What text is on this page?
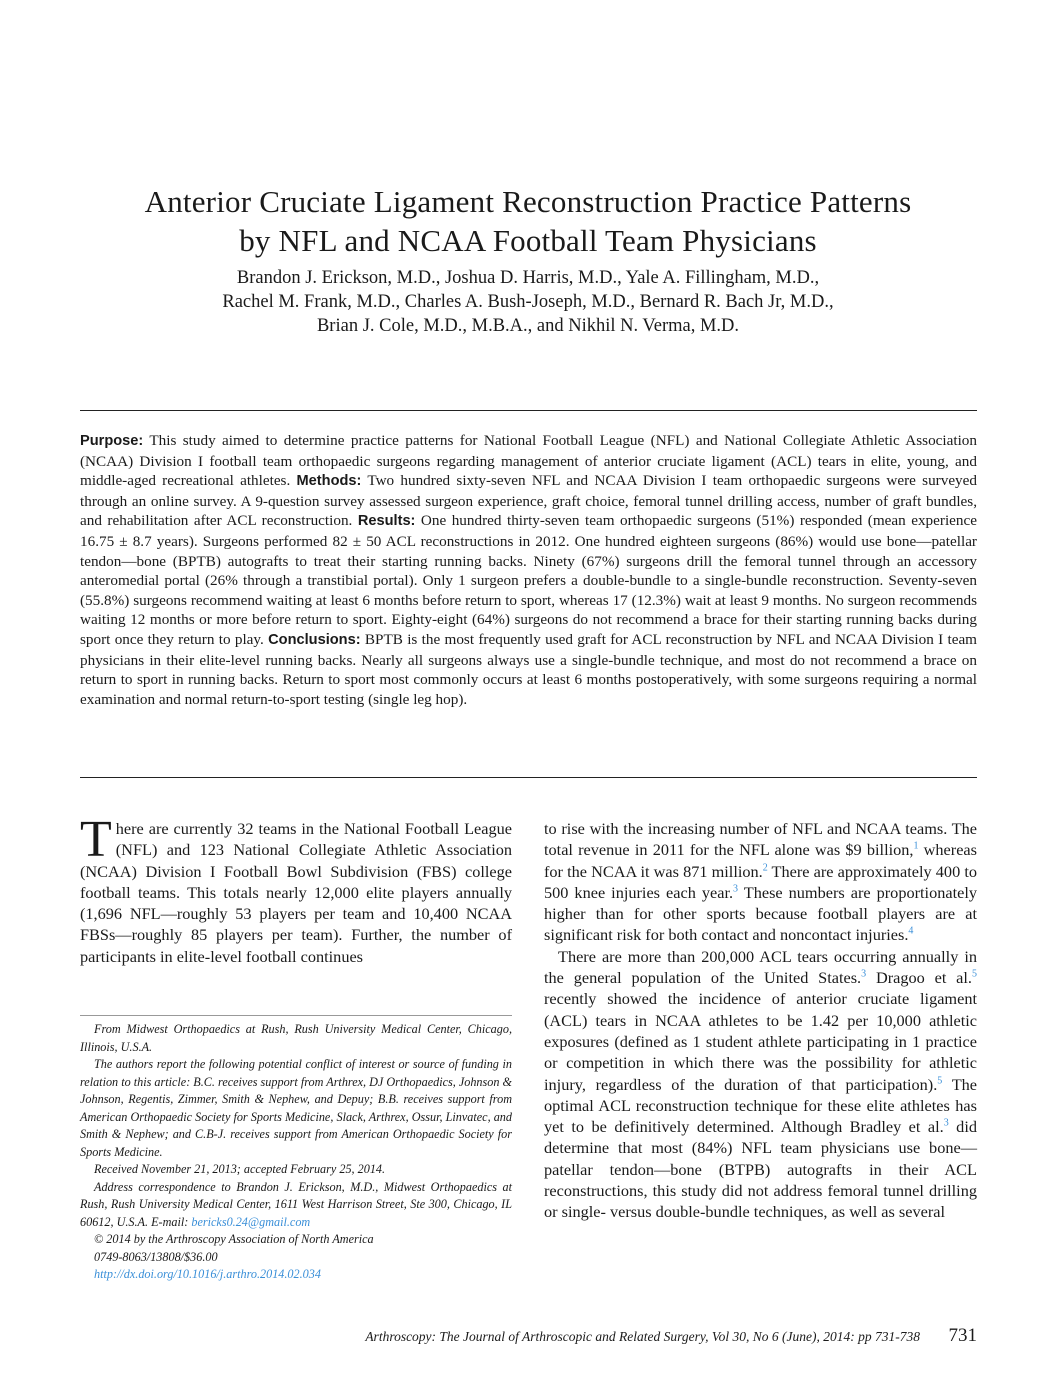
Anterior Cruciate Ligament Reconstruction Practice Patterns
by NFL and NCAA Football Team Physicians
Brandon J. Erickson, M.D., Joshua D. Harris, M.D., Yale A. Fillingham, M.D.,
Rachel M. Frank, M.D., Charles A. Bush-Joseph, M.D., Bernard R. Bach Jr, M.D.,
Brian J. Cole, M.D., M.B.A., and Nikhil N. Verma, M.D.

Purpose: This study aimed to determine practice patterns for National Football League (NFL) and National Collegiate Athletic Association (NCAA) Division I football team orthopaedic surgeons regarding management of anterior cruciate ligament (ACL) tears in elite, young, and middle-aged recreational athletes. Methods: Two hundred sixty-seven NFL and NCAA Division I team orthopaedic surgeons were surveyed through an online survey. A 9-question survey assessed surgeon experience, graft choice, femoral tunnel drilling access, number of graft bundles, and rehabilitation after ACL reconstruction. Results: One hundred thirty-seven team orthopaedic surgeons (51%) responded (mean experience 16.75 ± 8.7 years). Surgeons performed 82 ± 50 ACL reconstructions in 2012. One hundred eighteen surgeons (86%) would use bone—patellar tendon—bone (BPTB) autografts to treat their starting running backs. Ninety (67%) surgeons drill the femoral tunnel through an accessory anteromedial portal (26% through a transtibial portal). Only 1 surgeon prefers a double-bundle to a single-bundle reconstruction. Seventy-seven (55.8%) surgeons recommend waiting at least 6 months before return to sport, whereas 17 (12.3%) wait at least 9 months. No surgeon recommends waiting 12 months or more before return to sport. Eighty-eight (64%) surgeons do not recommend a brace for their starting running backs during sport once they return to play. Conclusions: BPTB is the most frequently used graft for ACL reconstruction by NFL and NCAA Division I team physicians in their elite-level running backs. Nearly all surgeons always use a single-bundle technique, and most do not recommend a brace on return to sport in running backs. Return to sport most commonly occurs at least 6 months postoperatively, with some surgeons requiring a normal examination and normal return-to-sport testing (single leg hop).

There are currently 32 teams in the National Football League (NFL) and 123 National Collegiate Athletic Association (NCAA) Division I Football Bowl Subdivision (FBS) college football teams. This totals nearly 12,000 elite players annually (1,696 NFL—roughly 53 players per team and 10,400 NCAA FBSs—roughly 85 players per team). Further, the number of participants in elite-level football continues

From Midwest Orthopaedics at Rush, Rush University Medical Center, Chicago, Illinois, U.S.A.

The authors report the following potential conflict of interest or source of funding in relation to this article: B.C. receives support from Arthrex, DJ Orthopaedics, Johnson & Johnson, Regentis, Zimmer, Smith & Nephew, and Depuy; B.B. receives support from American Orthopaedic Society for Sports Medicine, Slack, Arthrex, Ossur, Linvatec, and Smith & Nephew; and C.B-J. receives support from American Orthopaedic Society for Sports Medicine.

Received November 21, 2013; accepted February 25, 2014.

Address correspondence to Brandon J. Erickson, M.D., Midwest Orthopaedics at Rush, Rush University Medical Center, 1611 West Harrison Street, Ste 300, Chicago, IL 60612, U.S.A. E-mail: bericks0.24@gmail.com

© 2014 by the Arthroscopy Association of North America

0749-8063/13808/$36.00

http://dx.doi.org/10.1016/j.arthro.2014.02.034

to rise with the increasing number of NFL and NCAA teams. The total revenue in 2011 for the NFL alone was $9 billion,$^1$ whereas for the NCAA it was 871 million.$^2$ There are approximately 400 to 500 knee injuries each year.$^3$ These numbers are proportionately higher than for other sports because football players are at significant risk for both contact and noncontact injuries.$^4$

There are more than 200,000 ACL tears occurring annually in the general population of the United States.$^3$ Dragoo et al.$^5$ recently showed the incidence of anterior cruciate ligament (ACL) tears in NCAA athletes to be 1.42 per 10,000 athletic exposures (defined as 1 student athlete participating in 1 practice or competition in which there was the possibility for athletic injury, regardless of the duration of that participation).$^5$ The optimal ACL reconstruction technique for these elite athletes has yet to be definitively determined. Although Bradley et al.$^3$ did determine that most (84%) NFL team physicians use bone—patellar tendon—bone (BTPB) autografts in their ACL reconstructions, this study did not address femoral tunnel drilling or single- versus double-bundle techniques, as well as several

Arthroscopy: The Journal of Arthroscopic and Related Surgery, Vol 30, No 6 (June), 2014: pp 731-738	731
